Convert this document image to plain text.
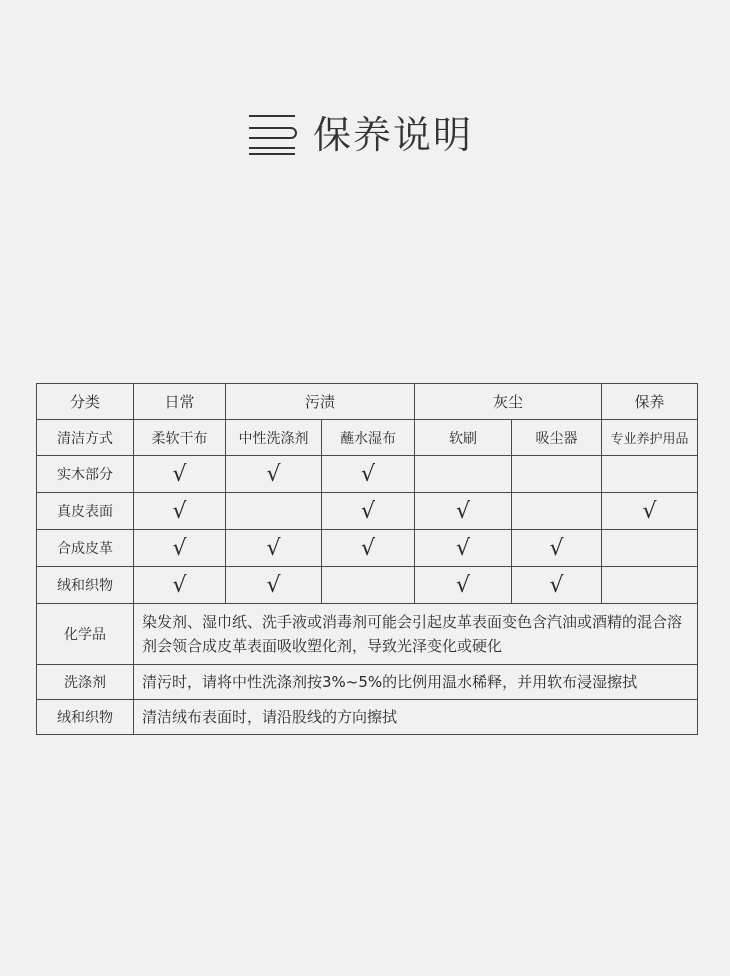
保养说明
分类	日常	污渍		灰尘		保养
清洁方式	柔软干布	中性洗涤剂	蘸水湿布	软刷	吸尘器	专业养护用品
实木部分	√	√	√			
真皮表面	√		√	√		√
合成皮革	√	√	√	√	√	
绒和织物	√	√		√	√	
化学品	染发剂、湿巾纸、洗手液或消毒剂可能会引起皮革表面变色含汽油或酒精的混合溶剂会领合成皮革表面吸收塑化剂，导致光泽变化或硬化					
洗涤剂	清污时，请将中性洗涤剂按3%~5%的比例用温水稀释，并用软布浸湿擦拭					
绒和织物	清洁绒布表面时，请沿股线的方向擦拭					
